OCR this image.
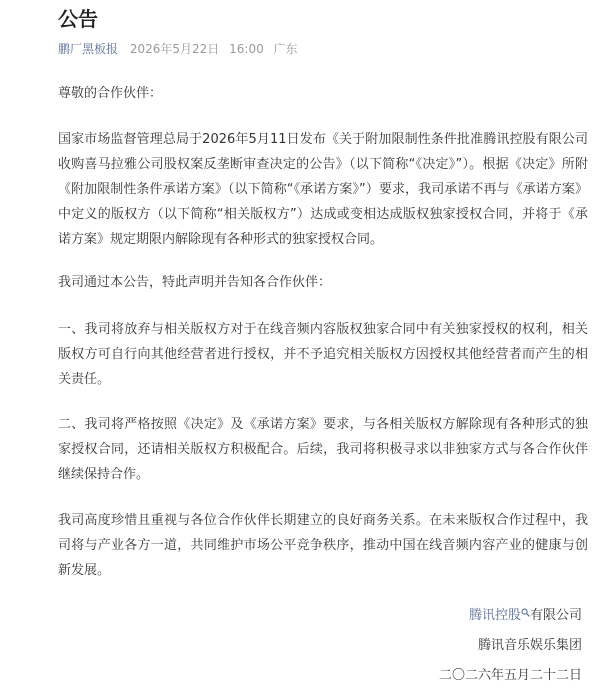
公告
鹏厂黑板报 2026年5月22日 16:00 广东

尊敬的合作伙伴：

国家市场监督管理总局于2026年5月11日发布《关于附加限制性条件批准腾讯控股有限公司收购喜马拉雅公司股权案反垄断审查决定的公告》（以下简称“《决定》”）。根据《决定》所附《附加限制性条件承诺方案》（以下简称“《承诺方案》”）要求，我司承诺不再与《承诺方案》中定义的版权方（以下简称“相关版权方”）达成或变相达成版权独家授权合同，并将于《承诺方案》规定期限内解除现有各种形式的独家授权合同。

我司通过本公告，特此声明并告知各合作伙伴：

一、我司将放弃与相关版权方对于在线音频内容版权独家合同中有关独家授权的权利，相关版权方可自行向其他经营者进行授权，并不予追究相关版权方因授权其他经营者而产生的相关责任。

二、我司将严格按照《决定》及《承诺方案》要求，与各相关版权方解除现有各种形式的独家授权合同，还请相关版权方积极配合。后续，我司将积极寻求以非独家方式与各合作伙伴继续保持合作。

我司高度珍惜且重视与各位合作伙伴长期建立的良好商务关系。在未来版权合作过程中，我司将与产业各方一道，共同维护市场公平竞争秩序，推动中国在线音频内容产业的健康与创新发展。

腾讯控股 有限公司
腾讯音乐娱乐集团
二〇二六年五月二十二日
